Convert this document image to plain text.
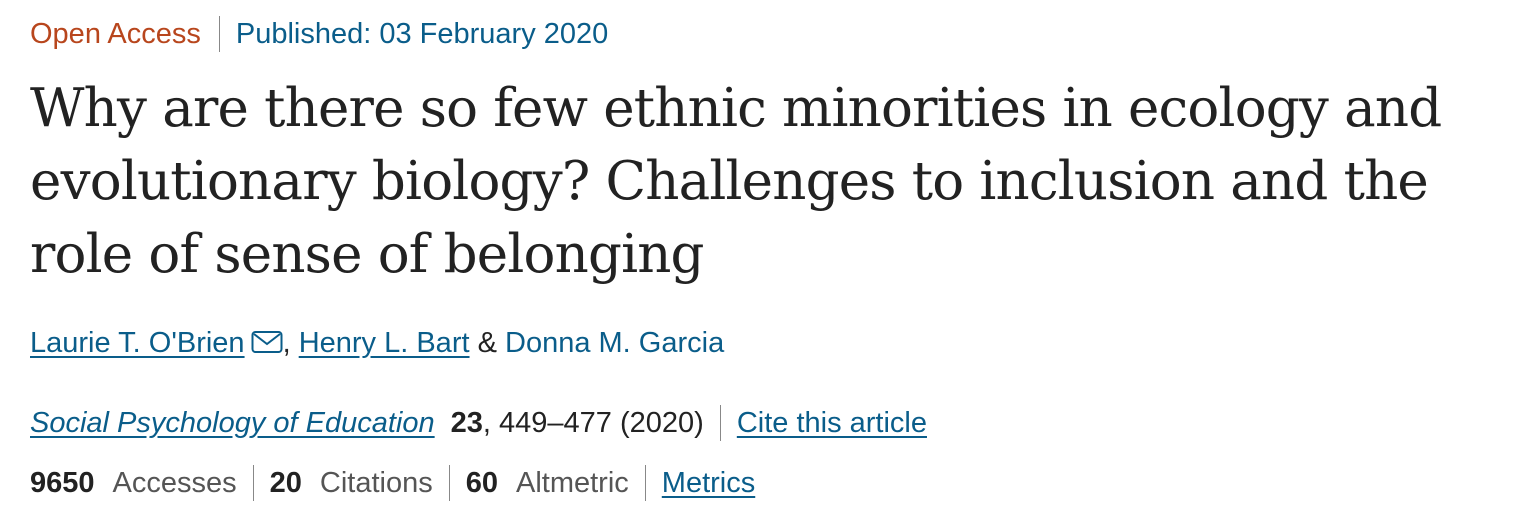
Open Access Published: 03 February 2020
Why are there so few ethnic minorities in ecology and evolutionary biology? Challenges to inclusion and the role of sense of belonging
Laurie T. O'Brien , Henry L. Bart & Donna M. Garcia
Social Psychology of Education 23 , 449–477 (2020) Cite this article
9650 Accesses 20 Citations 60 Altmetric Metrics
